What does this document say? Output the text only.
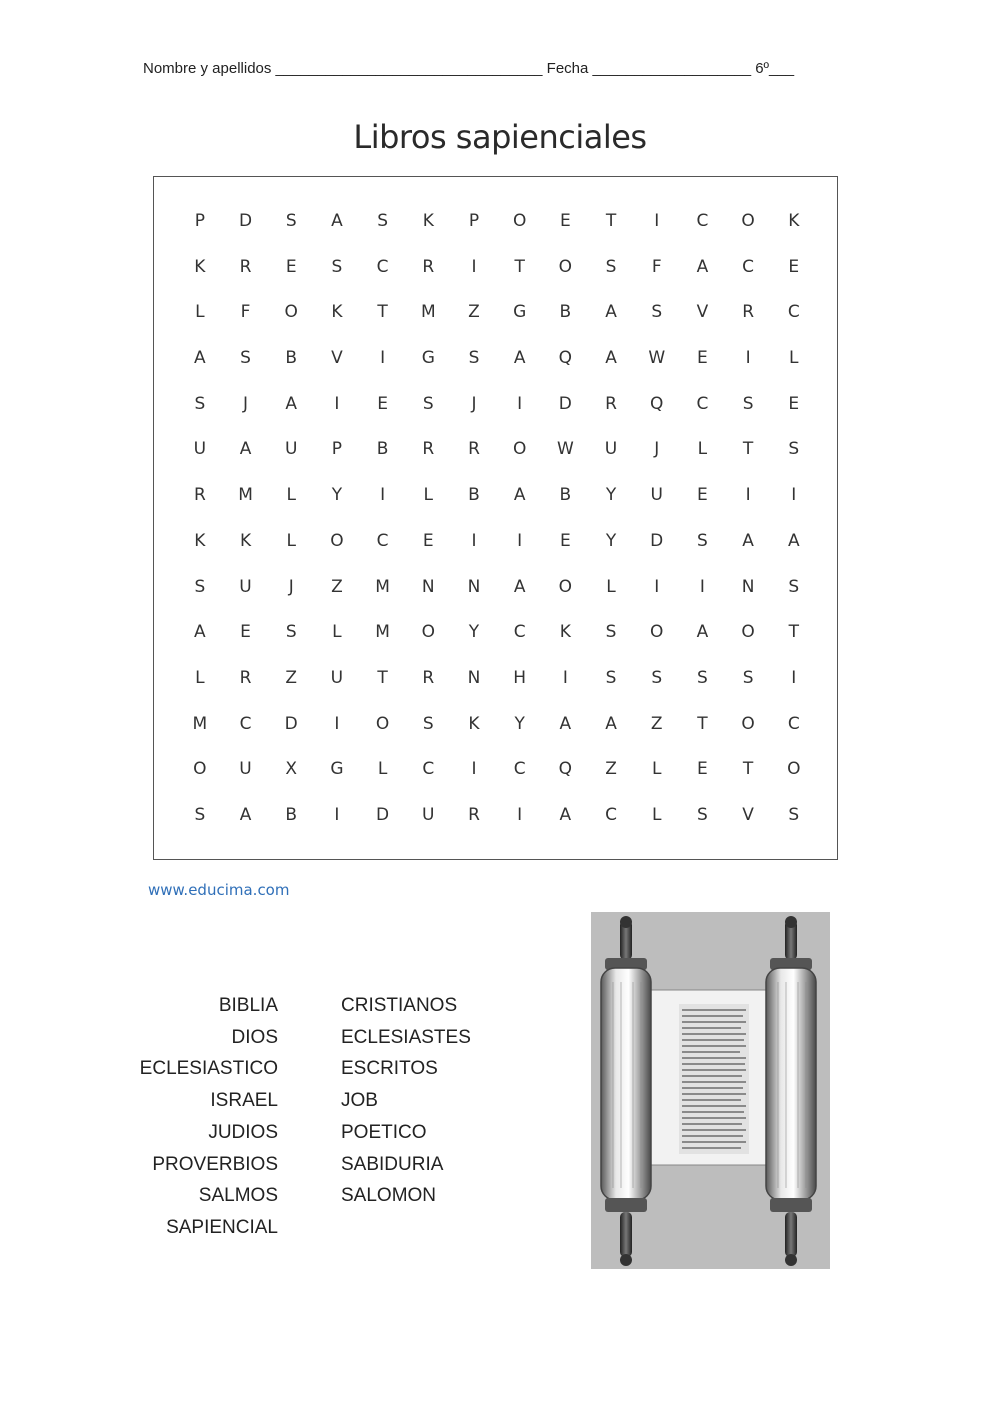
Nombre y apellidos ________________________________ Fecha ___________________ 6º___
Libros sapienciales
P	D	S	A	S	K	P	O	E	T	I	C	O	K
K	R	E	S	C	R	I	T	O	S	F	A	C	E
L	F	O	K	T	M	Z	G	B	A	S	V	R	C
A	S	B	V	I	G	S	A	Q	A	W	E	I	L
S	J	A	I	E	S	J	I	D	R	Q	C	S	E
U	A	U	P	B	R	R	O	W	U	J	L	T	S
R	M	L	Y	I	L	B	A	B	Y	U	E	I	I
K	K	L	O	C	E	I	I	E	Y	D	S	A	A
S	U	J	Z	M	N	N	A	O	L	I	I	N	S
A	E	S	L	M	O	Y	C	K	S	O	A	O	T
L	R	Z	U	T	R	N	H	I	S	S	S	S	I
M	C	D	I	O	S	K	Y	A	A	Z	T	O	C
O	U	X	G	L	C	I	C	Q	Z	L	E	T	O
S	A	B	I	D	U	R	I	A	C	L	S	V	S
www.educima.com
BIBLIA
DIOS
ECLESIASTICO
ISRAEL
JUDIOS
PROVERBIOS
SALMOS
SAPIENCIAL
CRISTIANOS
ECLESIASTES
ESCRITOS
JOB
POETICO
SABIDURIA
SALOMON
